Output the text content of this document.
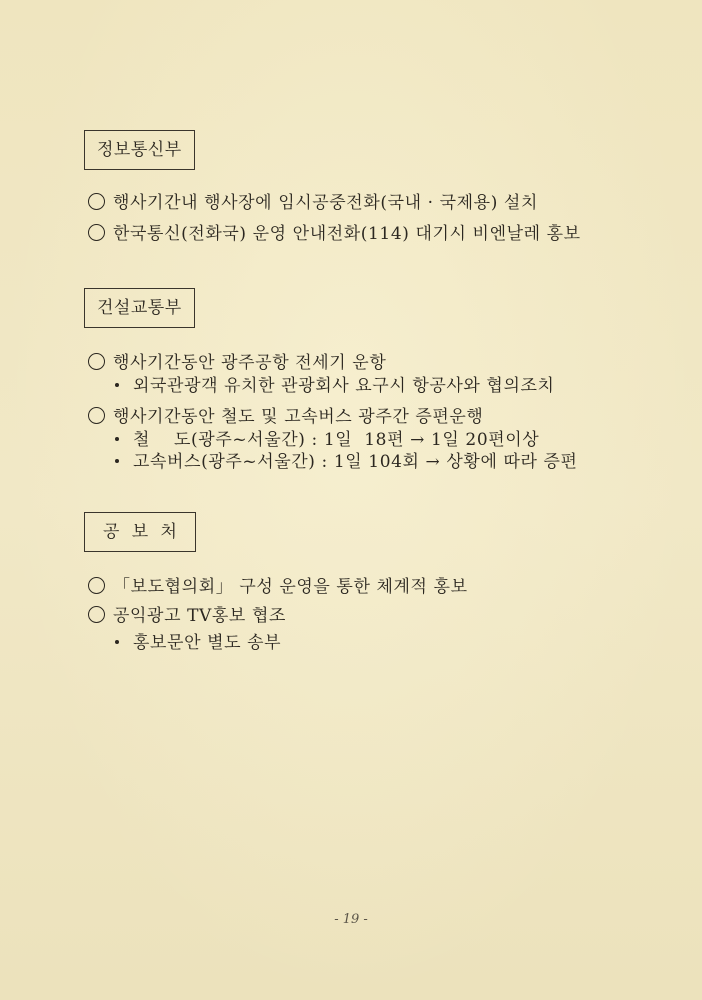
정보통신부
행사기간내 행사장에 임시공중전화(국내 · 국제용) 설치
한국통신(전화국) 운영 안내전화(114) 대기시 비엔날레 홍보
건설교통부
행사기간동안 광주공항 전세기 운항
외국관광객 유치한 관광회사 요구시 항공사와 협의조치
행사기간동안 철도 및 고속버스 광주간 증편운행
철    도(광주~서울간) : 1일  18편 → 1일 20편이상
고속버스(광주~서울간) : 1일 104회 → 상황에 따라 증편
공  보  처
「보도협의회」 구성 운영을 통한 체계적 홍보
공익광고 TV홍보 협조
홍보문안 별도 송부
- 19 -
